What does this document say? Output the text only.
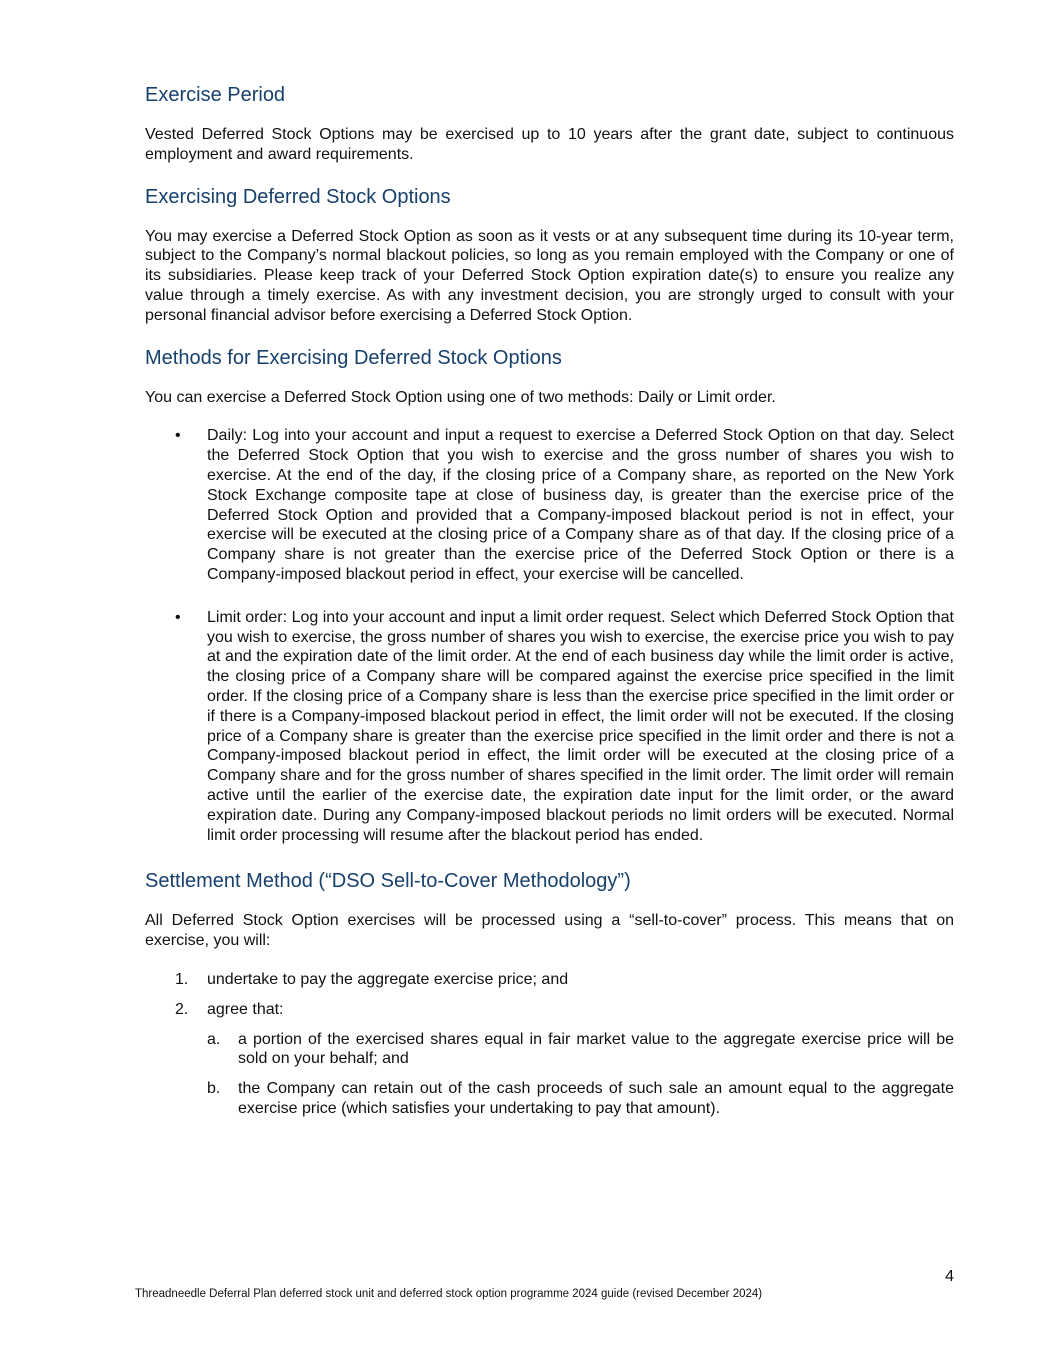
Exercise Period

Vested Deferred Stock Options may be exercised up to 10 years after the grant date, subject to continuous employment and award requirements.

Exercising Deferred Stock Options

You may exercise a Deferred Stock Option as soon as it vests or at any subsequent time during its 10-year term, subject to the Company’s normal blackout policies, so long as you remain employed with the Company or one of its subsidiaries. Please keep track of your Deferred Stock Option expiration date(s) to ensure you realize any value through a timely exercise. As with any investment decision, you are strongly urged to consult with your personal financial advisor before exercising a Deferred Stock Option.

Methods for Exercising Deferred Stock Options

You can exercise a Deferred Stock Option using one of two methods: Daily or Limit order.

• Daily: Log into your account and input a request to exercise a Deferred Stock Option on that day. Select the Deferred Stock Option that you wish to exercise and the gross number of shares you wish to exercise. At the end of the day, if the closing price of a Company share, as reported on the New York Stock Exchange composite tape at close of business day, is greater than the exercise price of the Deferred Stock Option and provided that a Company-imposed blackout period is not in effect, your exercise will be executed at the closing price of a Company share as of that day. If the closing price of a Company share is not greater than the exercise price of the Deferred Stock Option or there is a Company-imposed blackout period in effect, your exercise will be cancelled.
• Limit order: Log into your account and input a limit order request. Select which Deferred Stock Option that you wish to exercise, the gross number of shares you wish to exercise, the exercise price you wish to pay at and the expiration date of the limit order. At the end of each business day while the limit order is active, the closing price of a Company share will be compared against the exercise price specified in the limit order. If the closing price of a Company share is less than the exercise price specified in the limit order or if there is a Company-imposed blackout period in effect, the limit order will not be executed. If the closing price of a Company share is greater than the exercise price specified in the limit order and there is not a Company-imposed blackout period in effect, the limit order will be executed at the closing price of a Company share and for the gross number of shares specified in the limit order. The limit order will remain active until the earlier of the exercise date, the expiration date input for the limit order, or the award expiration date. During any Company-imposed blackout periods no limit orders will be executed. Normal limit order processing will resume after the blackout period has ended.
Settlement Method (“DSO Sell-to-Cover Methodology”)

All Deferred Stock Option exercises will be processed using a “sell-to-cover” process. This means that on exercise, you will:

1. undertake to pay the aggregate exercise price; and
2. agree that:
a. a portion of the exercised shares equal in fair market value to the aggregate exercise price will be sold on your behalf; and
b. the Company can retain out of the cash proceeds of such sale an amount equal to the aggregate exercise price (which satisfies your undertaking to pay that amount).
4
Threadneedle Deferral Plan deferred stock unit and deferred stock option programme 2024 guide (revised December 2024)
